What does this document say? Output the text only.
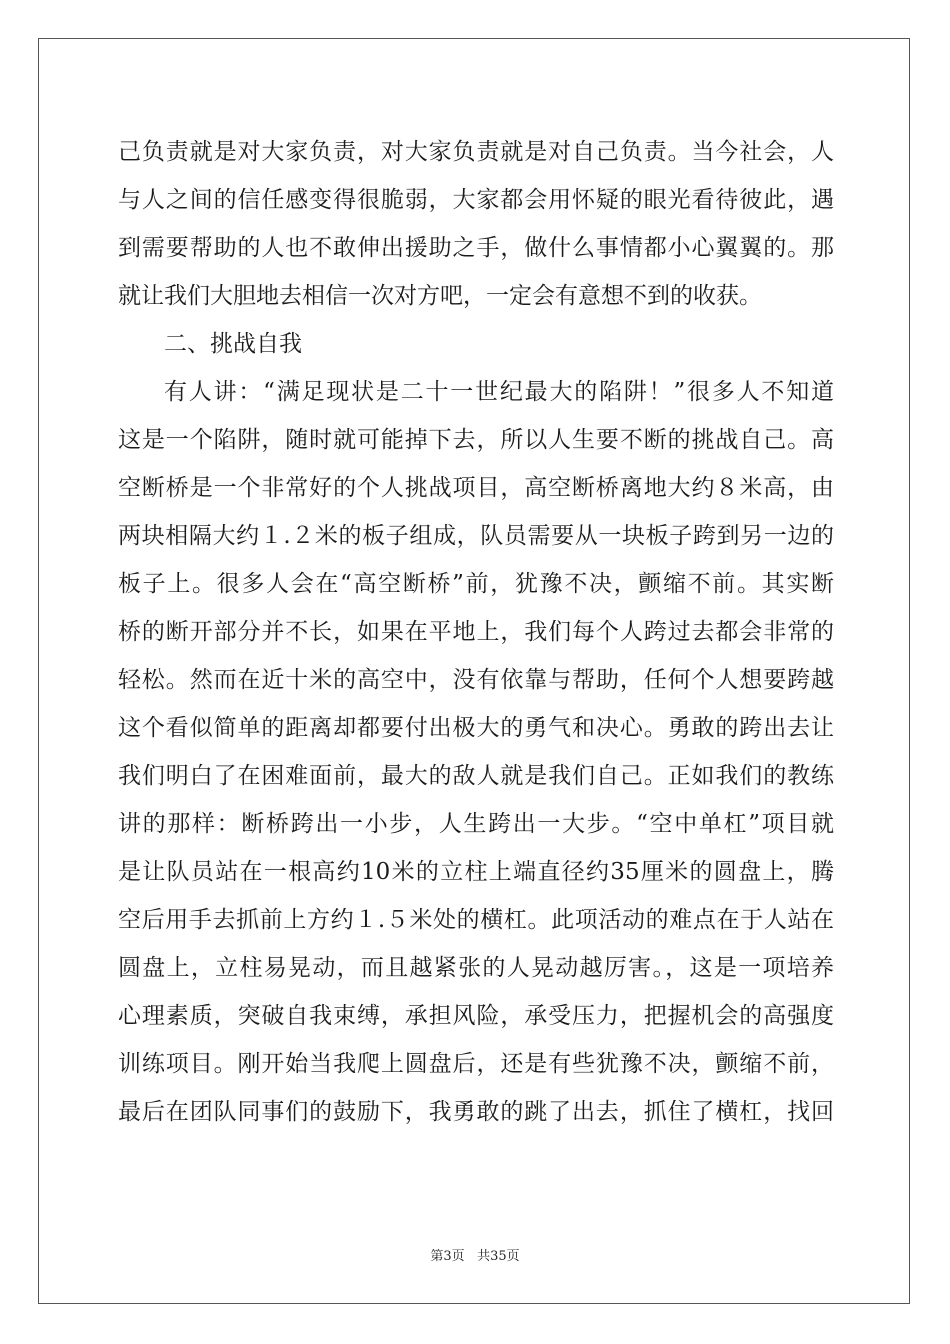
己负责就是对大家负责，对大家负责就是对自己负责。当今社会，人
与人之间的信任感变得很脆弱，大家都会用怀疑的眼光看待彼此，遇
到需要帮助的人也不敢伸出援助之手，做什么事情都小心翼翼的。那
就让我们大胆地去相信一次对方吧，一定会有意想不到的收获。
二、挑战自我
有人讲：“满足现状是二十一世纪最大的陷阱！”很多人不知道
这是一个陷阱，随时就可能掉下去，所以人生要不断的挑战自己。高
空断桥是一个非常好的个人挑战项目，高空断桥离地大约８米高，由
两块相隔大约１.２米的板子组成，队员需要从一块板子跨到另一边的
板子上。很多人会在“高空断桥”前，犹豫不决，颤缩不前。其实断
桥的断开部分并不长，如果在平地上，我们每个人跨过去都会非常的
轻松。然而在近十米的高空中，没有依靠与帮助，任何个人想要跨越
这个看似简单的距离却都要付出极大的勇气和决心。勇敢的跨出去让
我们明白了在困难面前，最大的敌人就是我们自己。正如我们的教练
讲的那样：断桥跨出一小步，人生跨出一大步。“空中单杠”项目就
是让队员站在一根高约10米的立柱上端直径约35厘米的圆盘上，腾
空后用手去抓前上方约１.５米处的横杠。此项活动的难点在于人站在
圆盘上，立柱易晃动，而且越紧张的人晃动越厉害。，这是一项培养
心理素质，突破自我束缚，承担风险，承受压力，把握机会的高强度
训练项目。刚开始当我爬上圆盘后，还是有些犹豫不决，颤缩不前，
最后在团队同事们的鼓励下，我勇敢的跳了出去，抓住了横杠，找回
第3页 共35页
